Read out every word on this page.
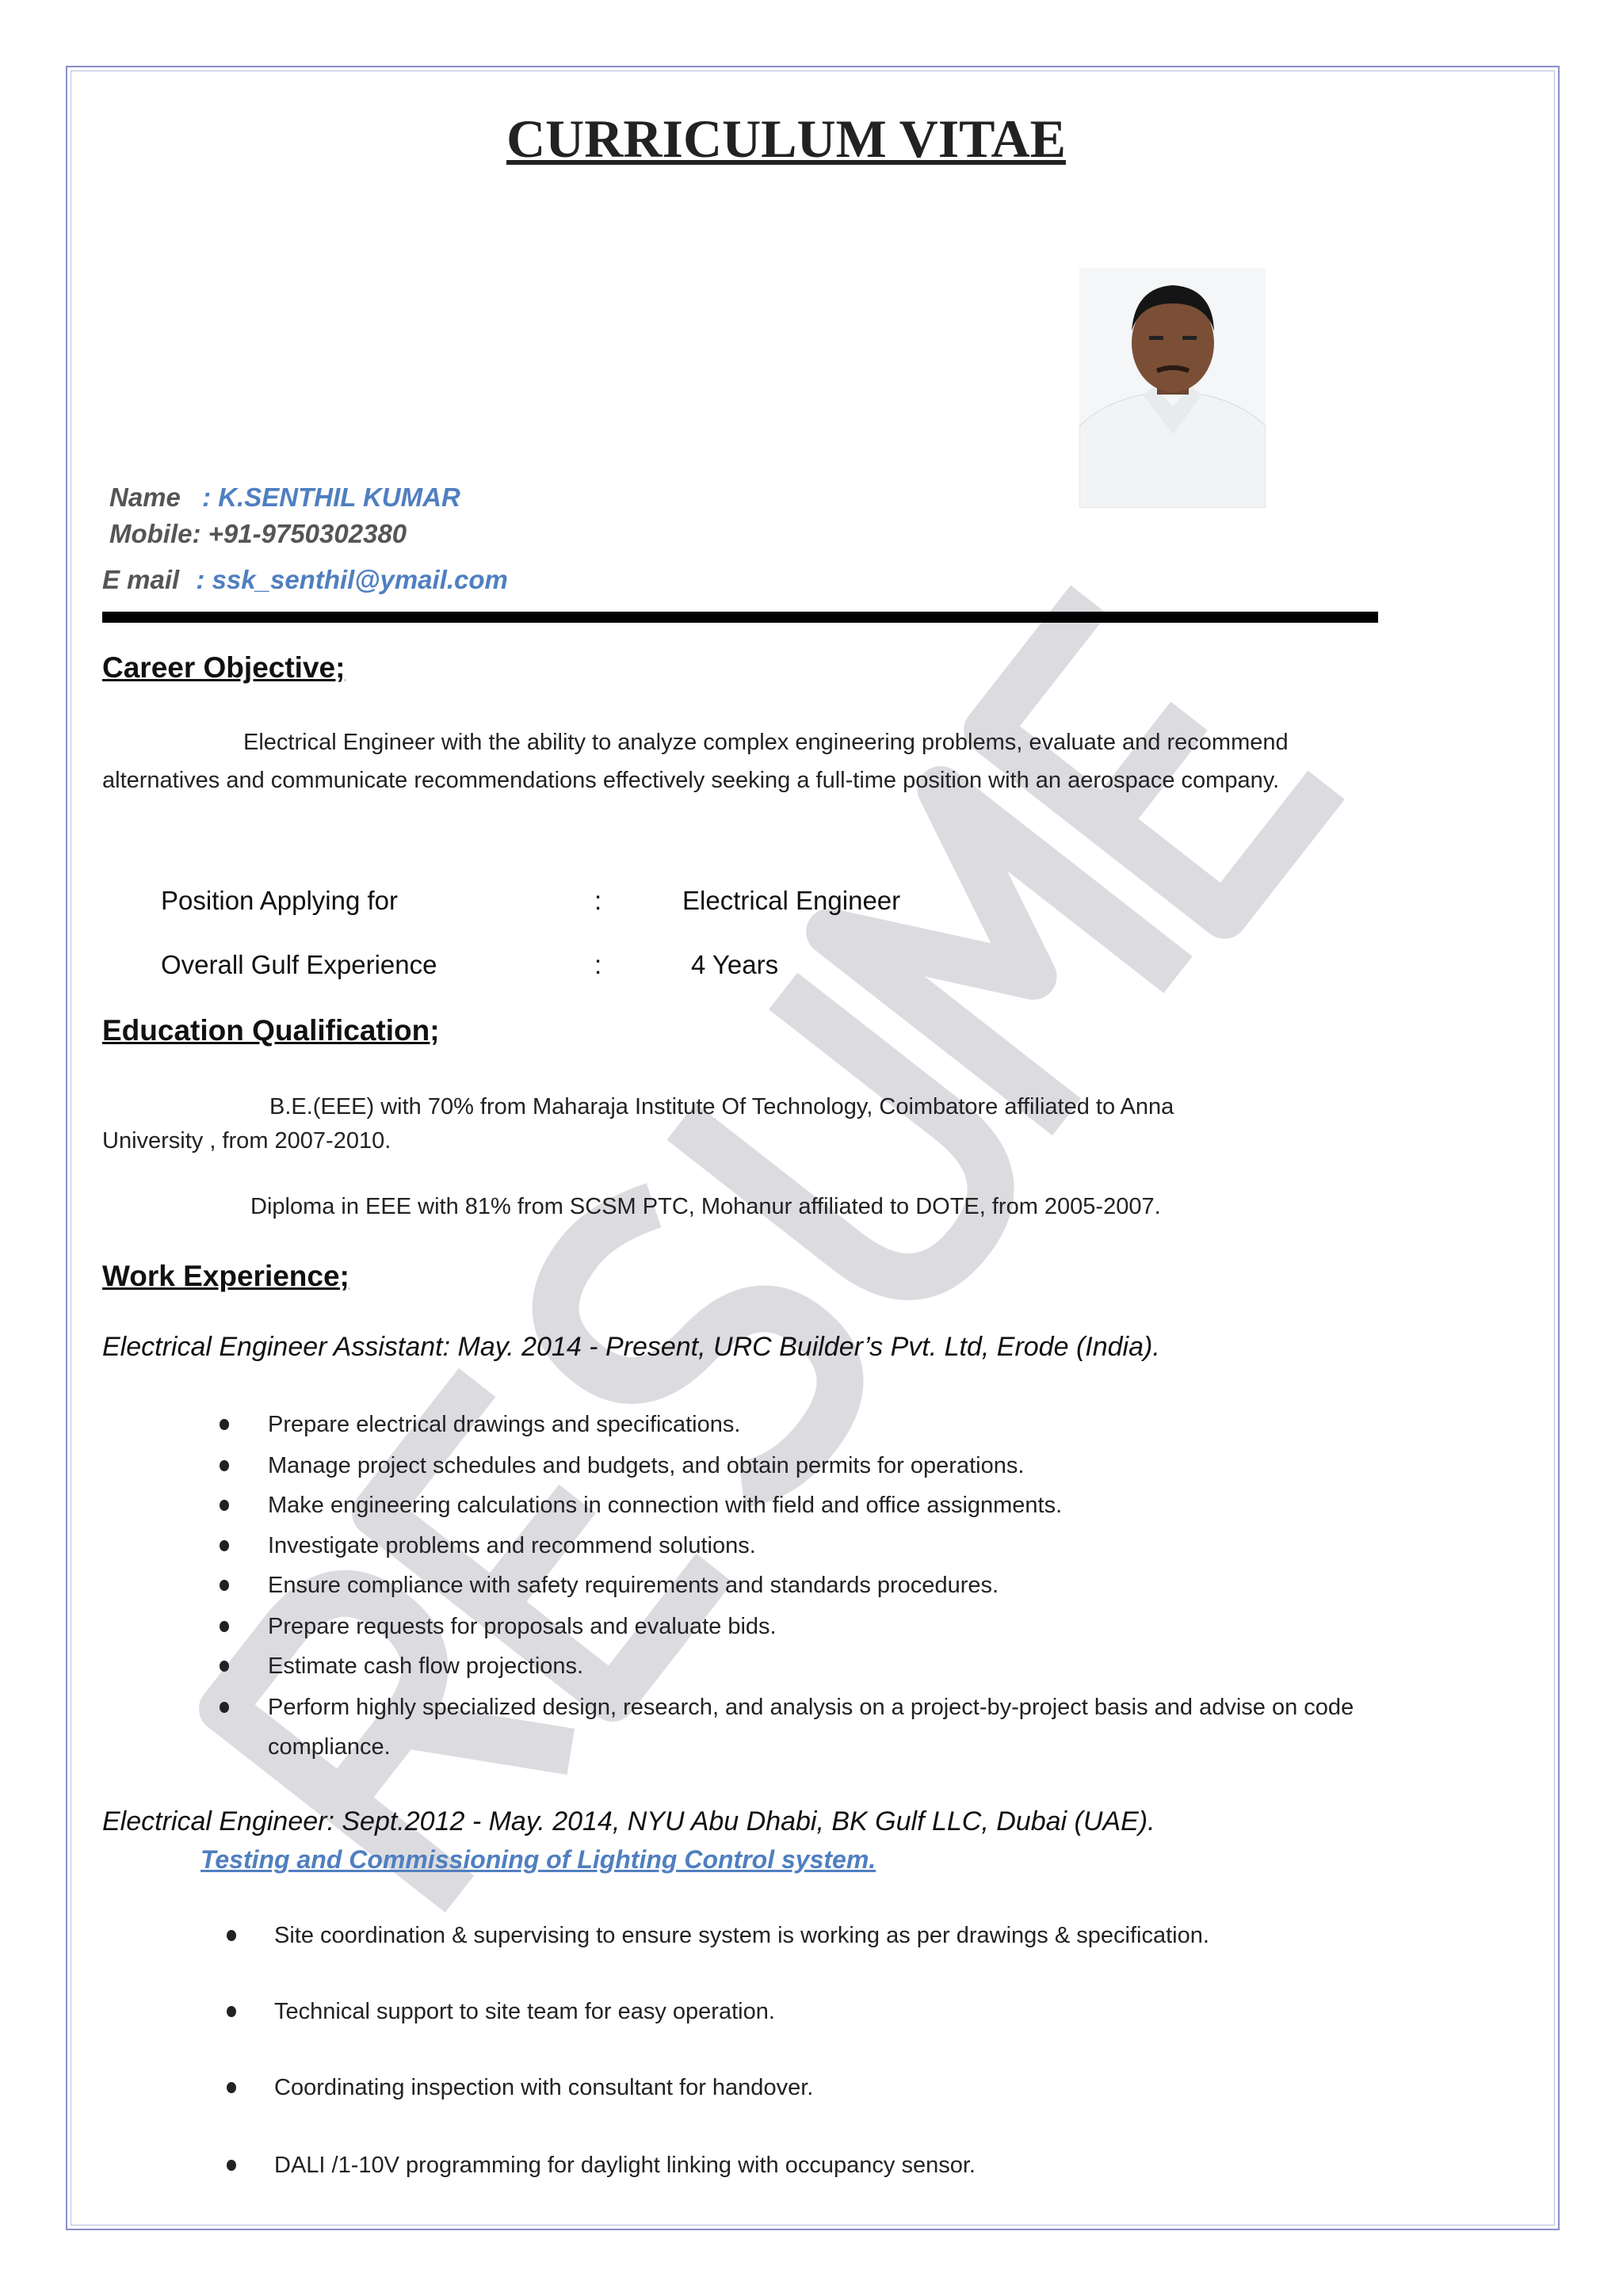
CURRICULUM VITAE
Name : K.SENTHIL KUMAR
Mobile: +91-9750302380
E mail : ssk_senthil@ymail.com
Career Objective;
Electrical Engineer with the ability to analyze complex engineering problems, evaluate and recommend
alternatives and communicate recommendations effectively seeking a full-time position with an aerospace company.
Position Applying for	:	Electrical Engineer
Overall Gulf Experience	:	4 Years
Education Qualification;
B.E.(EEE) with 70% from Maharaja Institute Of Technology, Coimbatore affiliated to Anna
University , from 2007-2010.
Diploma in EEE with 81% from SCSM PTC, Mohanur affiliated to DOTE, from 2005-2007.
Work Experience;
Electrical Engineer Assistant: May. 2014 - Present, URC Builder’s Pvt. Ltd, Erode (India).
Prepare electrical drawings and specifications.
Manage project schedules and budgets, and obtain permits for operations.
Make engineering calculations in connection with field and office assignments.
Investigate problems and recommend solutions.
Ensure compliance with safety requirements and standards procedures.
Prepare requests for proposals and evaluate bids.
Estimate cash flow projections.
Perform highly specialized design, research, and analysis on a project-by-project basis and advise on code
compliance.
Electrical Engineer: Sept.2012 - May. 2014, NYU Abu Dhabi, BK Gulf LLC, Dubai (UAE).
Testing and Commissioning of Lighting Control system.
Site coordination & supervising to ensure system is working as per drawings & specification.
Technical support to site team for easy operation.
Coordinating inspection with consultant for handover.
DALI /1-10V programming for daylight linking with occupancy sensor.
